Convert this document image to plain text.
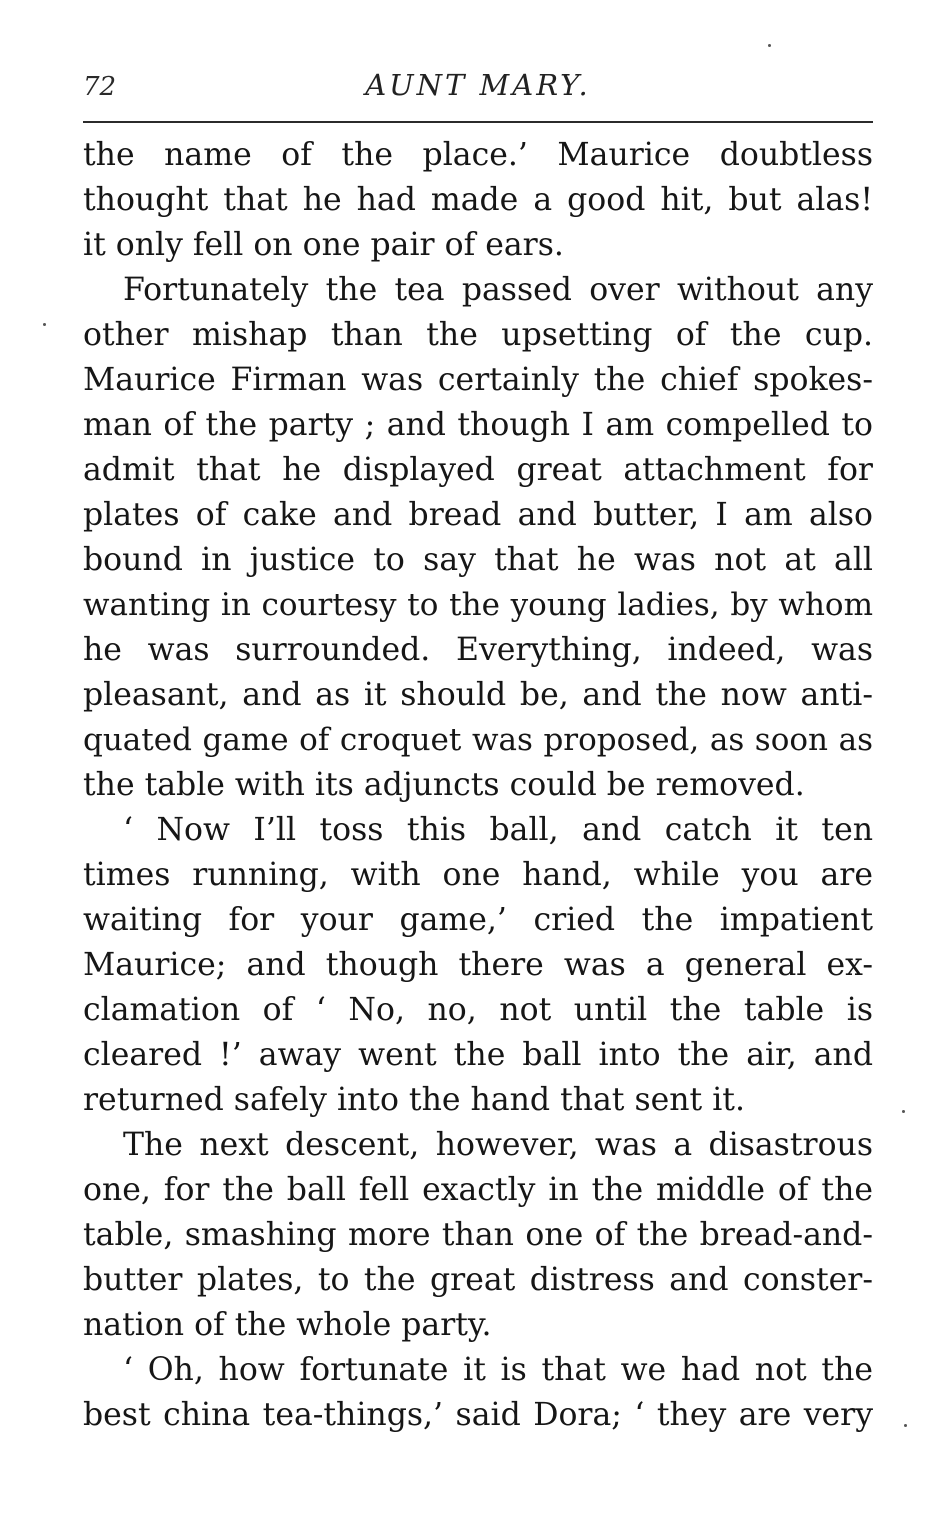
72	AUNT MARY.
the name of the place.’ Maurice doubtless
thought that he had made a good hit, but alas!
it only fell on one pair of ears.
Fortunately the tea passed over without any
other mishap than the upsetting of the cup.
Maurice Firman was certainly the chief spokes-
man of the party ; and though I am compelled to
admit that he displayed great attachment for
plates of cake and bread and butter, I am also
bound in justice to say that he was not at all
wanting in courtesy to the young ladies, by whom
he was surrounded. Everything, indeed, was
pleasant, and as it should be, and the now anti-
quated game of croquet was proposed, as soon as
the table with its adjuncts could be removed.
‘ Now I’ll toss this ball, and catch it ten
times running, with one hand, while you are
waiting for your game,’ cried the impatient
Maurice; and though there was a general ex-
clamation of ‘ No, no, not until the table is
cleared !’ away went the ball into the air, and
returned safely into the hand that sent it.
The next descent, however, was a disastrous
one, for the ball fell exactly in the middle of the
table, smashing more than one of the bread-and-
butter plates, to the great distress and conster-
nation of the whole party.
‘ Oh, how fortunate it is that we had not the
best china tea-things,’ said Dora; ‘ they are very
